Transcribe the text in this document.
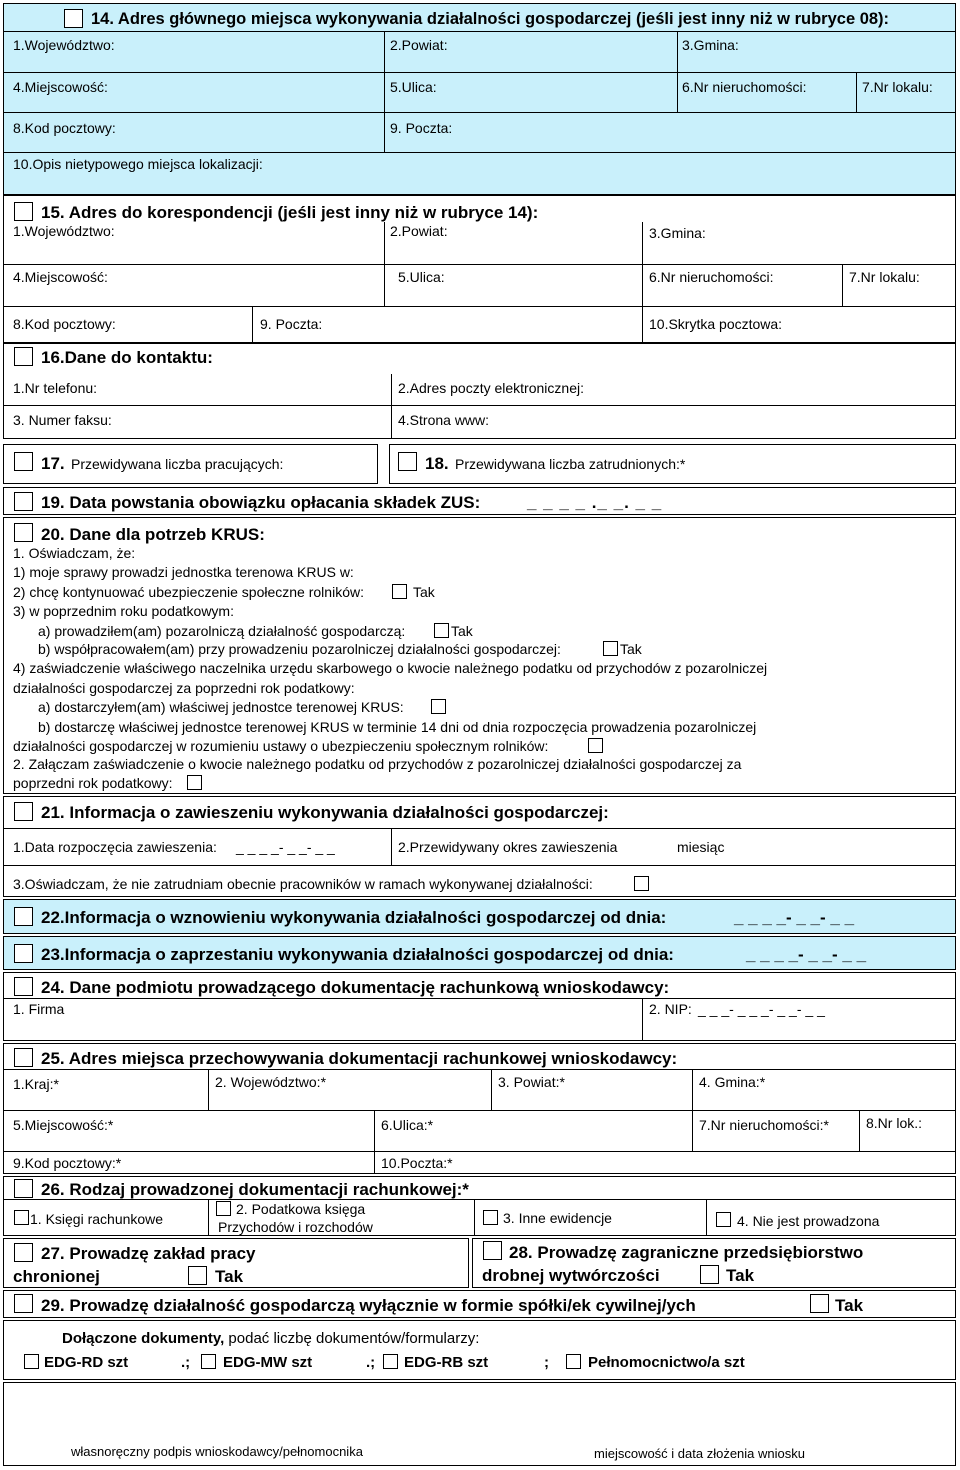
14. Adres głównego miejsca wykonywania działalności gospodarczej (jeśli jest inny niż w rubryce 08):
1.Województwo:	2.Powiat:	3.Gmina:
4.Miejscowość:	5.Ulica:	6.Nr nieruchomości:	7.Nr lokalu:
8.Kod pocztowy:	9. Poczta:
10.Opis nietypowego miejsca lokalizacji:
15. Adres do korespondencji (jeśli jest inny niż w rubryce 14):
1.Województwo:	2.Powiat:	3.Gmina:
4.Miejscowość:	5.Ulica:	6.Nr nieruchomości:	7.Nr lokalu:
8.Kod pocztowy:	9. Poczta:	10.Skrytka pocztowa:
16.Dane do kontaktu:
1.Nr telefonu:	2.Adres poczty elektronicznej:
3. Numer faksu:	4.Strona www:
17. Przewidywana liczba pracujących:	18. Przewidywana liczba zatrudnionych:*
19. Data powstania obowiązku opłacania składek ZUS:	_ _ _ _ ._ _. _ _
20. Dane dla potrzeb KRUS:
1. Oświadczam, że:
1) moje sprawy prowadzi jednostka terenowa KRUS w:
2) chcę kontynuować ubezpieczenie społeczne rolników:	Tak
3) w poprzednim roku podatkowym:
a) prowadziłem(am) pozarolniczą działalność gospodarczą:	Tak
b) współpracowałem(am) przy prowadzeniu pozarolniczej działalności gospodarczej:	Tak
4) zaświadczenie właściwego naczelnika urzędu skarbowego o kwocie należnego podatku od przychodów z pozarolniczej
działalności gospodarczej za poprzedni rok podatkowy:
a) dostarczyłem(am) właściwej jednostce terenowej KRUS:
b) dostarczę właściwej jednostce terenowej KRUS w terminie 14 dni od dnia rozpoczęcia prowadzenia pozarolniczej
działalności gospodarczej w rozumieniu ustawy o ubezpieczeniu społecznym rolników:
2. Załączam zaświadczenie o kwocie należnego podatku od przychodów z pozarolniczej działalności gospodarczej za
poprzedni rok podatkowy:
21. Informacja o zawieszeniu wykonywania działalności gospodarczej:
1.Data rozpoczęcia zawieszenia: _ _ _ _- _ _- _ _	2.Przewidywany okres zawieszenia	miesiąc
3.Oświadczam, że nie zatrudniam obecnie pracowników w ramach wykonywanej działalności:
22.Informacja o wznowieniu wykonywania działalności gospodarczej od dnia:	_ _ _ _- _ _- _ _
23.Informacja o zaprzestaniu wykonywania działalności gospodarczej od dnia:	_ _ _ _- _ _- _ _
24. Dane podmiotu prowadzącego dokumentację rachunkową wnioskodawcy:
1. Firma	2. NIP: _ _ _- _ _ _- _ _- _ _
25. Adres miejsca przechowywania dokumentacji rachunkowej wnioskodawcy:
1.Kraj:*	2. Województwo:*	3. Powiat:*	4. Gmina:*
5.Miejscowość:*	6.Ulica:*	7.Nr nieruchomości:*	8.Nr lok.:
9.Kod pocztowy:*	10.Poczta:*
26. Rodzaj prowadzonej dokumentacji rachunkowej:*
1. Księgi rachunkowe
2. Podatkowa księga
Przychodów i rozchodów
3. Inne ewidencje	4. Nie jest prowadzona
27. Prowadzę zakład pracy
chronionej	Tak
28. Prowadzę zagraniczne przedsiębiorstwo
drobnej wytwórczości	Tak
29. Prowadzę działalność gospodarczą wyłącznie w formie spółki/ek cywilnej/ych	Tak
Dołączone dokumenty, podać liczbę dokumentów/formularzy:
EDG-RD szt	.; EDG-MW szt	.; EDG-RB szt	;	Pełnomocnictwo/a szt
własnoręczny podpis wnioskodawcy/pełnomocnika	miejscowość i data złożenia wniosku
